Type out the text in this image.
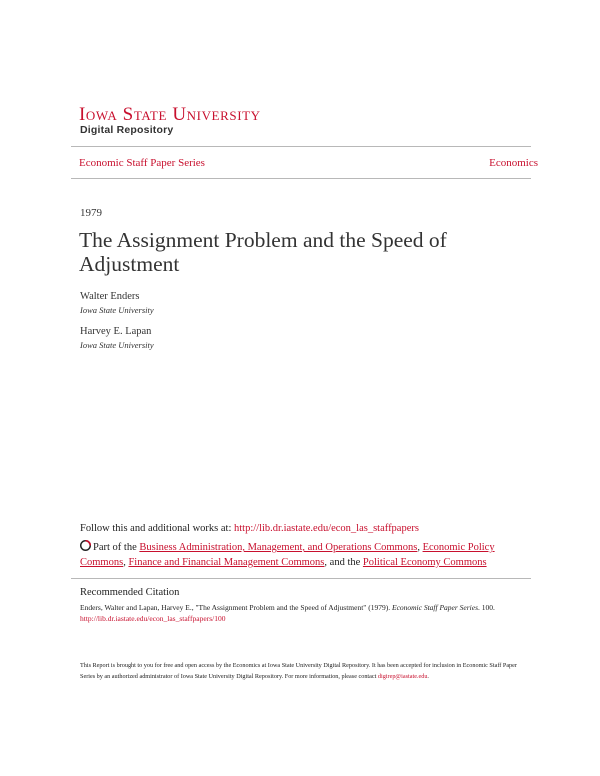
Iowa State University
Digital Repository
Economic Staff Paper Series	Economics
1979
The Assignment Problem and the Speed of Adjustment
Walter Enders
Iowa State University
Harvey E. Lapan
Iowa State University
Follow this and additional works at: http://lib.dr.iastate.edu/econ_las_staffpapers
Part of the Business Administration, Management, and Operations Commons, Economic Policy Commons, Finance and Financial Management Commons, and the Political Economy Commons
Recommended Citation
Enders, Walter and Lapan, Harvey E., "The Assignment Problem and the Speed of Adjustment" (1979). Economic Staff Paper Series. 100.
http://lib.dr.iastate.edu/econ_las_staffpapers/100
This Report is brought to you for free and open access by the Economics at Iowa State University Digital Repository. It has been accepted for inclusion in Economic Staff Paper Series by an authorized administrator of Iowa State University Digital Repository. For more information, please contact digirep@iastate.edu.
